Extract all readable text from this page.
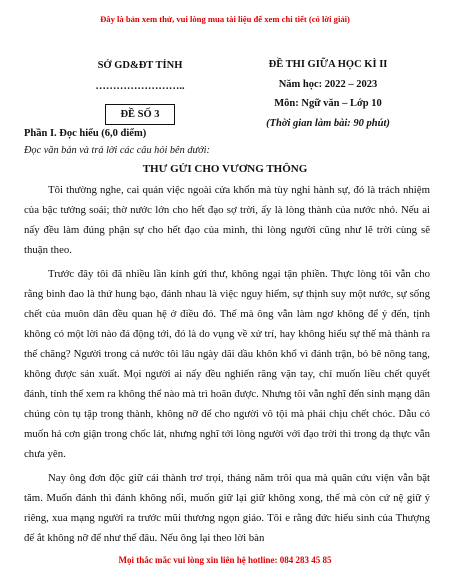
Đây là bản xem thử, vui lòng mua tài liệu để xem chi tiết (có lời giải)
SỞ GD&ĐT TỈNH
……………………..
ĐỀ SỐ 3
ĐỀ THI GIỮA HỌC KÌ II
Năm học: 2022 – 2023
Môn: Ngữ văn – Lớp 10
(Thời gian làm bài: 90 phút)
Phần I. Đọc hiểu (6,0 điểm)
Đọc văn bản và trả lời các câu hỏi bên dưới:
THƯ GỬI CHO VƯƠNG THÔNG

Tôi thường nghe, cai quản việc ngoài cửa khổn mà tùy nghi hành sự, đó là trách nhiệm của bậc tướng soái; thờ nước lớn cho hết đạo sợ trời, ấy là lòng thành của nước nhỏ. Nếu ai nấy đều làm đúng phận sự cho hết đạo của mình, thì lòng người cũng như lẽ trời cùng sẽ thuận theo.

Trước đây tôi đã nhiều lần kính gửi thư, không ngại tận phiền. Thực lòng tôi vẫn cho rằng binh đao là thứ hung bạo, đánh nhau là việc nguy hiểm, sự thịnh suy một nước, sự sống chết của muôn dân đều quan hệ ở điều đó. Thế mà ông vẫn làm ngơ không để ý đến, tịnh không có một lời nào đả động tới, đó là do vụng về xử trí, hay không hiểu sự thế mà thành ra thế chăng? Người trong cả nước tôi lâu ngày dãi dầu khôn khổ vì đánh trận, bỏ bê nông tang, không được sản xuất. Mọi người ai nấy đều nghiến răng vặn tay, chỉ muốn liều chết quyết đánh, tính thế xem ra không thể nào mà trì hoãn được. Nhưng tôi vẫn nghĩ đến sinh mạng dân chúng còn tụ tập trong thành, không nỡ để cho người vô tội mà phải chịu chết chóc. Dẫu có muốn hả cơn giận trong chốc lát, nhưng nghĩ tới lòng người với đạo trời thì trong dạ thực vẫn chưa yên.

Nay ông đơn độc giữ cái thành trơ trọi, tháng năm trôi qua mà quân cứu viện vẫn bặt tăm. Muốn đánh thì đánh không nổi, muốn giữ lại giữ không xong, thế mà còn cứ nệ giữ ý riêng, xua mạng người ra trước mũi thương ngọn giáo. Tôi e rằng đức hiếu sinh của Thượng đế ắt không nỡ để như thế đâu. Nếu ông lại theo lời bàn

Mọi thắc mắc vui lòng xin liên hệ hotline: 084 283 45 85
